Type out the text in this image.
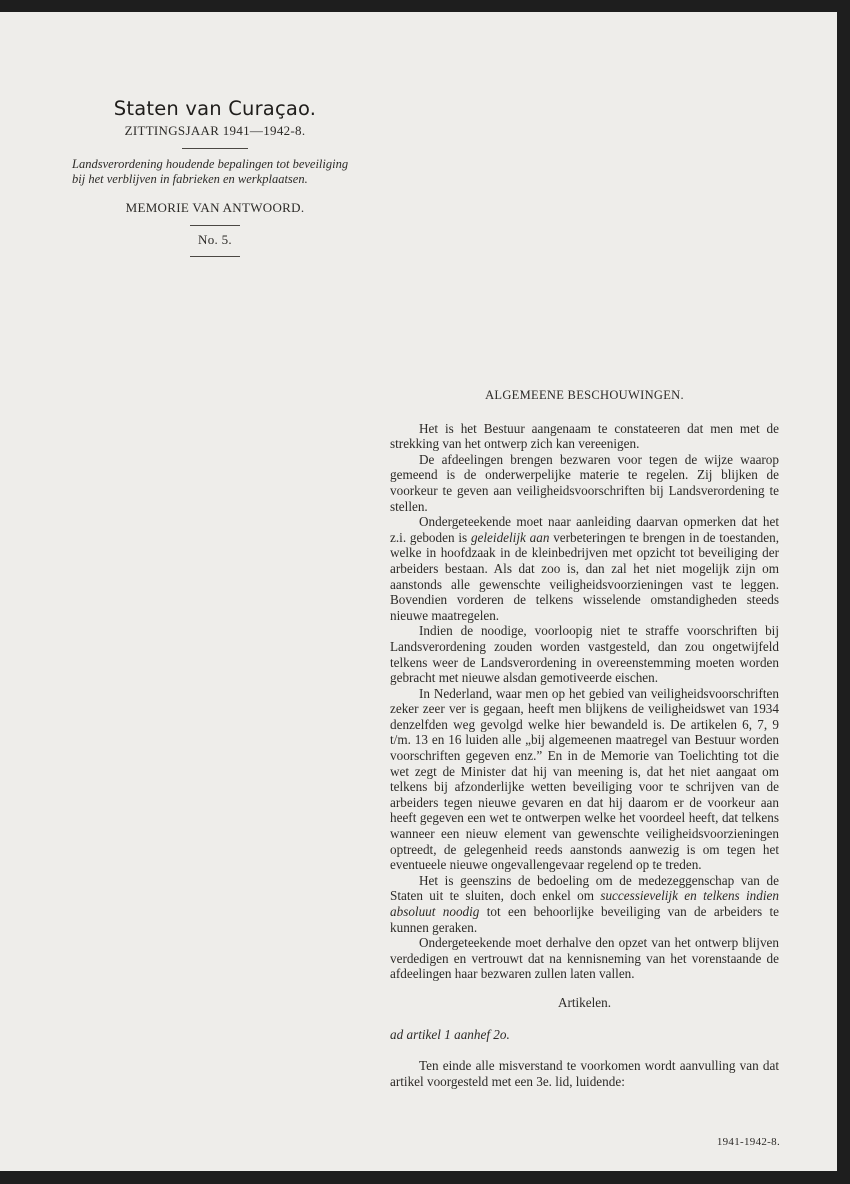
Staten van Curaçao.
ZITTINGSJAAR 1941—1942-8.
Landsverordening houdende bepalingen tot beveiliging bij het verblijven in fabrieken en werkplaatsen.
MEMORIE VAN ANTWOORD.
No. 5.
ALGEMEENE BESCHOUWINGEN.

Het is het Bestuur aangenaam te constateeren dat men met de strekking van het ontwerp zich kan vereenigen.

De afdeelingen brengen bezwaren voor tegen de wijze waarop gemeend is de onderwerpelijke materie te regelen. Zij blijken de voorkeur te geven aan veiligheidsvoorschriften bij Landsverordening te stellen.

Ondergeteekende moet naar aanleiding daarvan opmerken dat het z.i. geboden is geleidelijk aan verbeteringen te brengen in de toestanden, welke in hoofdzaak in de kleinbedrijven met opzicht tot beveiliging der arbeiders bestaan. Als dat zoo is, dan zal het niet mogelijk zijn om aanstonds alle gewenschte veiligheidsvoorzieningen vast te leggen. Bovendien vorderen de telkens wisselende omstandigheden steeds nieuwe maatregelen.

Indien de noodige, voorloopig niet te straffe voorschriften bij Landsverordening zouden worden vastgesteld, dan zou ongetwijfeld telkens weer de Landsverordening in overeenstemming moeten worden gebracht met nieuwe alsdan gemotiveerde eischen.

In Nederland, waar men op het gebied van veiligheidsvoorschriften zeker zeer ver is gegaan, heeft men blijkens de veiligheidswet van 1934 denzelfden weg gevolgd welke hier bewandeld is. De artikelen 6, 7, 9 t/m. 13 en 16 luiden alle „bij algemeenen maatregel van Bestuur worden voorschriften gegeven enz.” En in de Memorie van Toelichting tot die wet zegt de Minister dat hij van meening is, dat het niet aangaat om telkens bij afzonderlijke wetten beveiliging voor te schrijven van de arbeiders tegen nieuwe gevaren en dat hij daarom er de voorkeur aan heeft gegeven een wet te ontwerpen welke het voordeel heeft, dat telkens wanneer een nieuw element van gewenschte veiligheidsvoorzieningen optreedt, de gelegenheid reeds aanstonds aanwezig is om tegen het eventueele nieuwe ongevallengevaar regelend op te treden.

Het is geenszins de bedoeling om de medezeggenschap van de Staten uit te sluiten, doch enkel om successievelijk en telkens indien absoluut noodig tot een behoorlijke beveiliging van de arbeiders te kunnen geraken.

Ondergeteekende moet derhalve den opzet van het ontwerp blijven verdedigen en vertrouwt dat na kennisneming van het vorenstaande de afdeelingen haar bezwaren zullen laten vallen.

Artikelen.
ad artikel 1 aanhef 2o.

Ten einde alle misverstand te voorkomen wordt aanvulling van dat artikel voorgesteld met een 3e. lid, luidende:

1941-1942-8.
